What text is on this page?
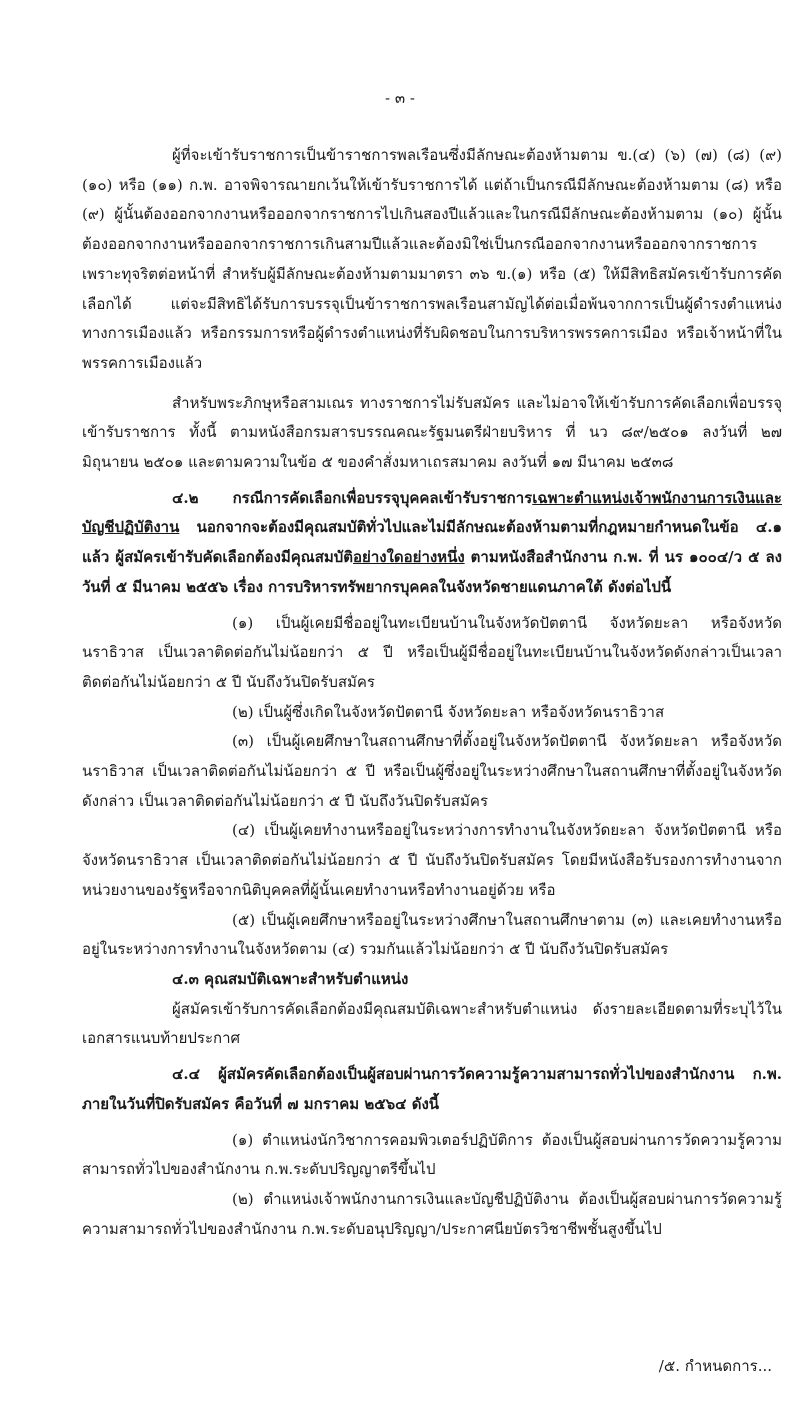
- ๓ -

ผู้ที่จะเข้ารับราชการเป็นข้าราชการพลเรือนซึ่งมีลักษณะต้องห้ามตาม ข.(๔) (๖) (๗) (๘) (๙) (๑๐) หรือ (๑๑) ก.พ. อาจพิจารณายกเว้นให้เข้ารับราชการได้ แต่ถ้าเป็นกรณีมีลักษณะต้องห้ามตาม (๘) หรือ (๙) ผู้นั้นต้องออกจากงานหรือออกจากราชการไปเกินสองปีแล้วและในกรณีมีลักษณะต้องห้ามตาม (๑๐) ผู้นั้นต้องออกจากงานหรือออกจากราชการเกินสามปีแล้วและต้องมิใช่เป็นกรณีออกจากงานหรือออกจากราชการเพราะทุจริตต่อหน้าที่ สำหรับผู้มีลักษณะต้องห้ามตามมาตรา ๓๖ ข.(๑) หรือ (๕) ให้มีสิทธิสมัครเข้ารับการคัดเลือกได้ แต่จะมีสิทธิได้รับการบรรจุเป็นข้าราชการพลเรือนสามัญได้ต่อเมื่อพ้นจากการเป็นผู้ดำรงตำแหน่งทางการเมืองแล้ว หรือกรรมการหรือผู้ดำรงตำแหน่งที่รับผิดชอบในการบริหารพรรคการเมือง หรือเจ้าหน้าที่ในพรรคการเมืองแล้ว

สำหรับพระภิกษุหรือสามเณร ทางราชการไม่รับสมัคร และไม่อาจให้เข้ารับการคัดเลือกเพื่อบรรจุเข้ารับราชการ ทั้งนี้ ตามหนังสือกรมสารบรรณคณะรัฐมนตรีฝ่ายบริหาร ที่ นว ๘๙/๒๕๐๑ ลงวันที่ ๒๗ มิถุนายน ๒๕๐๑ และตามความในข้อ ๕ ของคำสั่งมหาเถรสมาคม ลงวันที่ ๑๗ มีนาคม ๒๕๓๘

๔.๒ กรณีการคัดเลือกเพื่อบรรจุบุคคลเข้ารับราชการเฉพาะตำแหน่งเจ้าพนักงานการเงินและบัญชีปฏิบัติงาน นอกจากจะต้องมีคุณสมบัติทั่วไปและไม่มีลักษณะต้องห้ามตามที่กฎหมายกำหนดในข้อ ๔.๑ แล้ว ผู้สมัครเข้ารับคัดเลือกต้องมีคุณสมบัติอย่างใดอย่างหนึ่ง ตามหนังสือสำนักงาน ก.พ. ที่ นร ๑๐๐๔/ว ๕ ลงวันที่ ๕ มีนาคม ๒๕๕๖ เรื่อง การบริหารทรัพยากรบุคคลในจังหวัดชายแดนภาคใต้ ดังต่อไปนี้

(๑) เป็นผู้เคยมีชื่ออยู่ในทะเบียนบ้านในจังหวัดปัตตานี จังหวัดยะลา หรือจังหวัดนราธิวาส เป็นเวลาติดต่อกันไม่น้อยกว่า ๕ ปี หรือเป็นผู้มีชื่ออยู่ในทะเบียนบ้านในจังหวัดดังกล่าวเป็นเวลาติดต่อกันไม่น้อยกว่า ๕ ปี นับถึงวันปิดรับสมัคร

(๒) เป็นผู้ซึ่งเกิดในจังหวัดปัตตานี จังหวัดยะลา หรือจังหวัดนราธิวาส

(๓) เป็นผู้เคยศึกษาในสถานศึกษาที่ตั้งอยู่ในจังหวัดปัตตานี จังหวัดยะลา หรือจังหวัดนราธิวาส เป็นเวลาติดต่อกันไม่น้อยกว่า ๕ ปี หรือเป็นผู้ซึ่งอยู่ในระหว่างศึกษาในสถานศึกษาที่ตั้งอยู่ในจังหวัดดังกล่าว เป็นเวลาติดต่อกันไม่น้อยกว่า ๕ ปี นับถึงวันปิดรับสมัคร

(๔) เป็นผู้เคยทำงานหรืออยู่ในระหว่างการทำงานในจังหวัดยะลา จังหวัดปัตตานี หรือจังหวัดนราธิวาส เป็นเวลาติดต่อกันไม่น้อยกว่า ๕ ปี นับถึงวันปิดรับสมัคร โดยมีหนังสือรับรองการทำงานจากหน่วยงานของรัฐหรือจากนิติบุคคลที่ผู้นั้นเคยทำงานหรือทำงานอยู่ด้วย หรือ

(๕) เป็นผู้เคยศึกษาหรืออยู่ในระหว่างศึกษาในสถานศึกษาตาม (๓) และเคยทำงานหรืออยู่ในระหว่างการทำงานในจังหวัดตาม (๔) รวมกันแล้วไม่น้อยกว่า ๕ ปี นับถึงวันปิดรับสมัคร

๔.๓ คุณสมบัติเฉพาะสำหรับตำแหน่ง

ผู้สมัครเข้ารับการคัดเลือกต้องมีคุณสมบัติเฉพาะสำหรับตำแหน่ง ดังรายละเอียดตามที่ระบุไว้ในเอกสารแนบท้ายประกาศ

๔.๔ ผู้สมัครคัดเลือกต้องเป็นผู้สอบผ่านการวัดความรู้ความสามารถทั่วไปของสำนักงาน ก.พ. ภายในวันที่ปิดรับสมัคร คือวันที่ ๗ มกราคม ๒๕๖๔ ดังนี้

(๑) ตำแหน่งนักวิชาการคอมพิวเตอร์ปฏิบัติการ ต้องเป็นผู้สอบผ่านการวัดความรู้ความสามารถทั่วไปของสำนักงาน ก.พ.ระดับปริญญาตรีขึ้นไป

(๒) ตำแหน่งเจ้าพนักงานการเงินและบัญชีปฏิบัติงาน ต้องเป็นผู้สอบผ่านการวัดความรู้ความสามารถทั่วไปของสำนักงาน ก.พ.ระดับอนุปริญญา/ประกาศนียบัตรวิชาชีพชั้นสูงขึ้นไป

/๕. กำหนดการ...
